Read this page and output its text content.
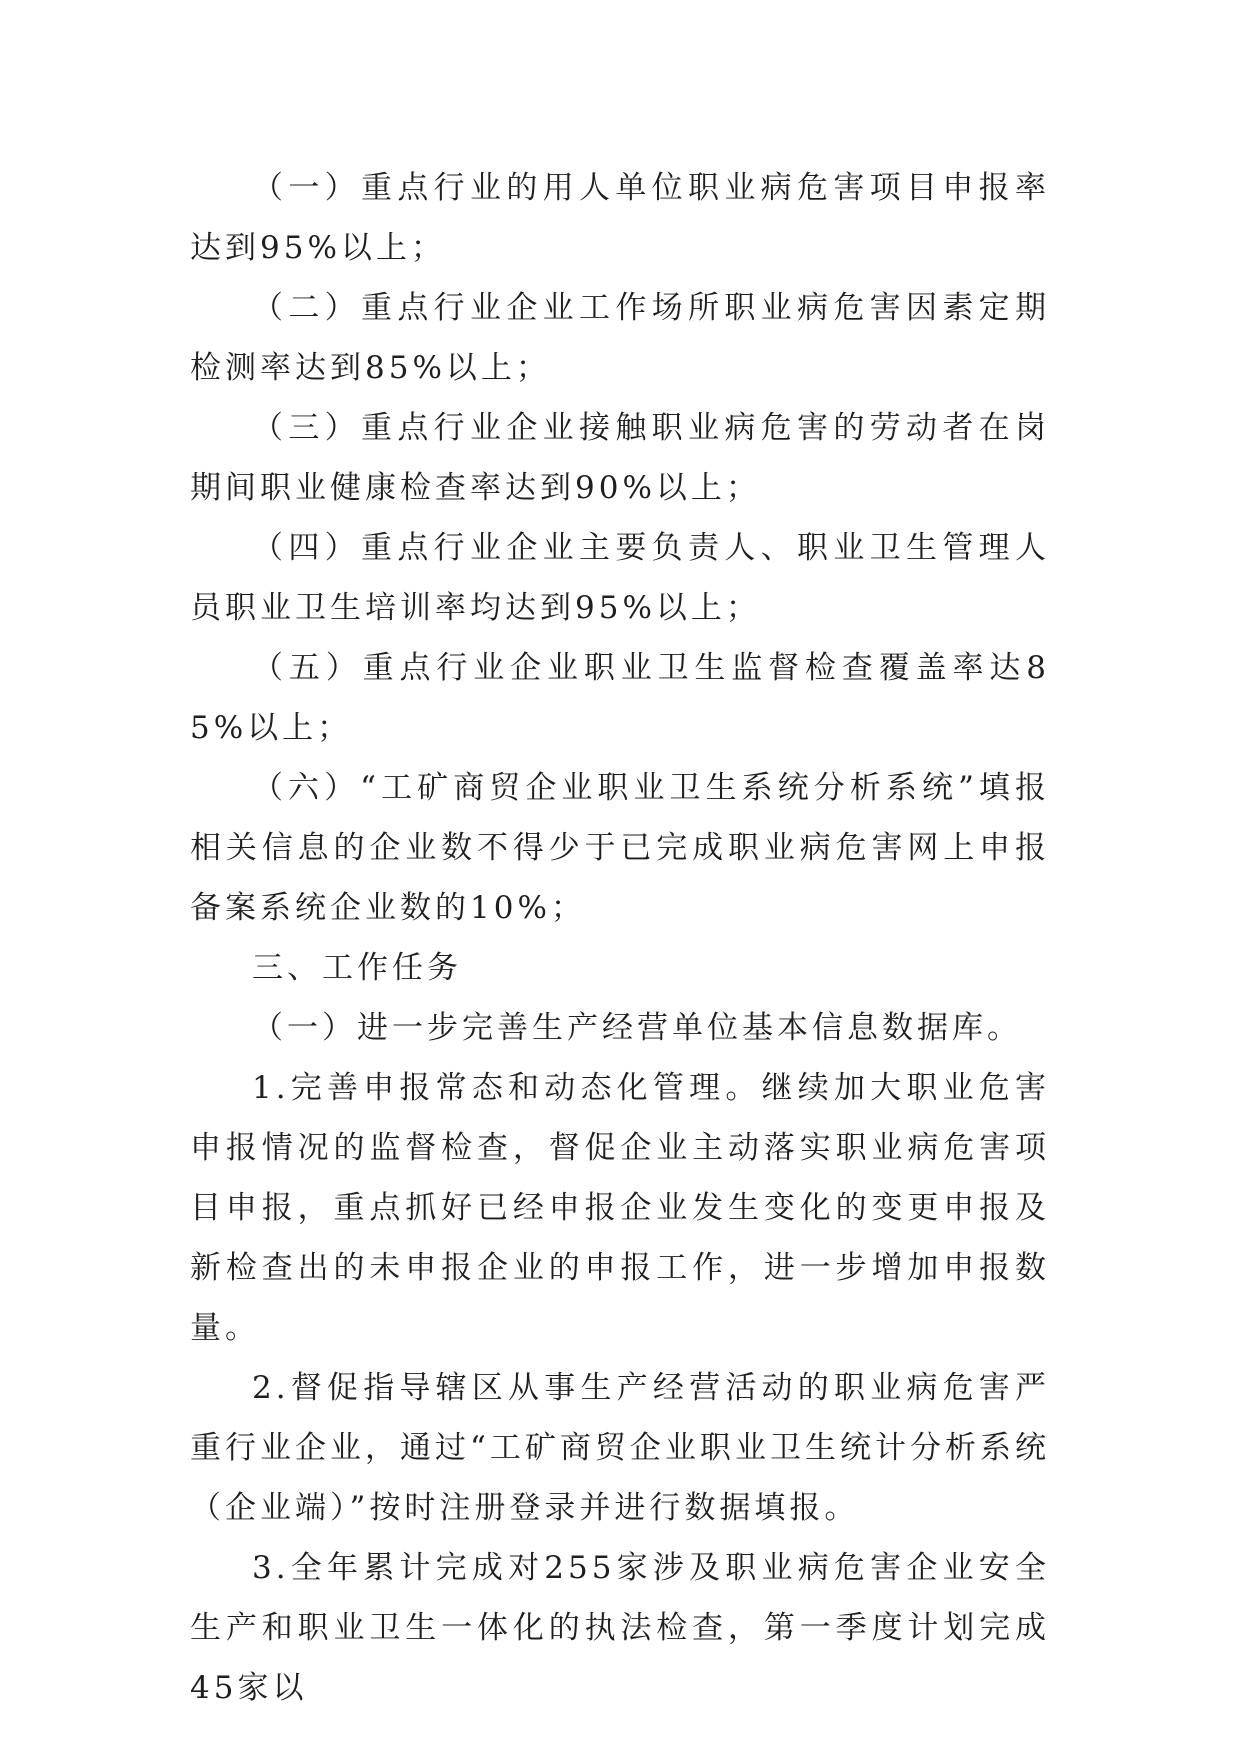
（一）重点行业的用人单位职业病危害项目申报率达到95%以上；

（二）重点行业企业工作场所职业病危害因素定期检测率达到85%以上；

（三）重点行业企业接触职业病危害的劳动者在岗期间职业健康检查率达到90%以上；

（四）重点行业企业主要负责人、职业卫生管理人员职业卫生培训率均达到95%以上；

（五）重点行业企业职业卫生监督检查覆盖率达85%以上；

（六）“工矿商贸企业职业卫生系统分析系统”填报相关信息的企业数不得少于已完成职业病危害网上申报备案系统企业数的10%；

三、工作任务

（一）进一步完善生产经营单位基本信息数据库。

1.完善申报常态和动态化管理。继续加大职业危害申报情况的监督检查，督促企业主动落实职业病危害项目申报，重点抓好已经申报企业发生变化的变更申报及新检查出的未申报企业的申报工作，进一步增加申报数量。

2.督促指导辖区从事生产经营活动的职业病危害严重行业企业，通过“工矿商贸企业职业卫生统计分析系统（企业端）”按时注册登录并进行数据填报。

3.全年累计完成对255家涉及职业病危害企业安全生产和职业卫生一体化的执法检查，第一季度计划完成45家以
